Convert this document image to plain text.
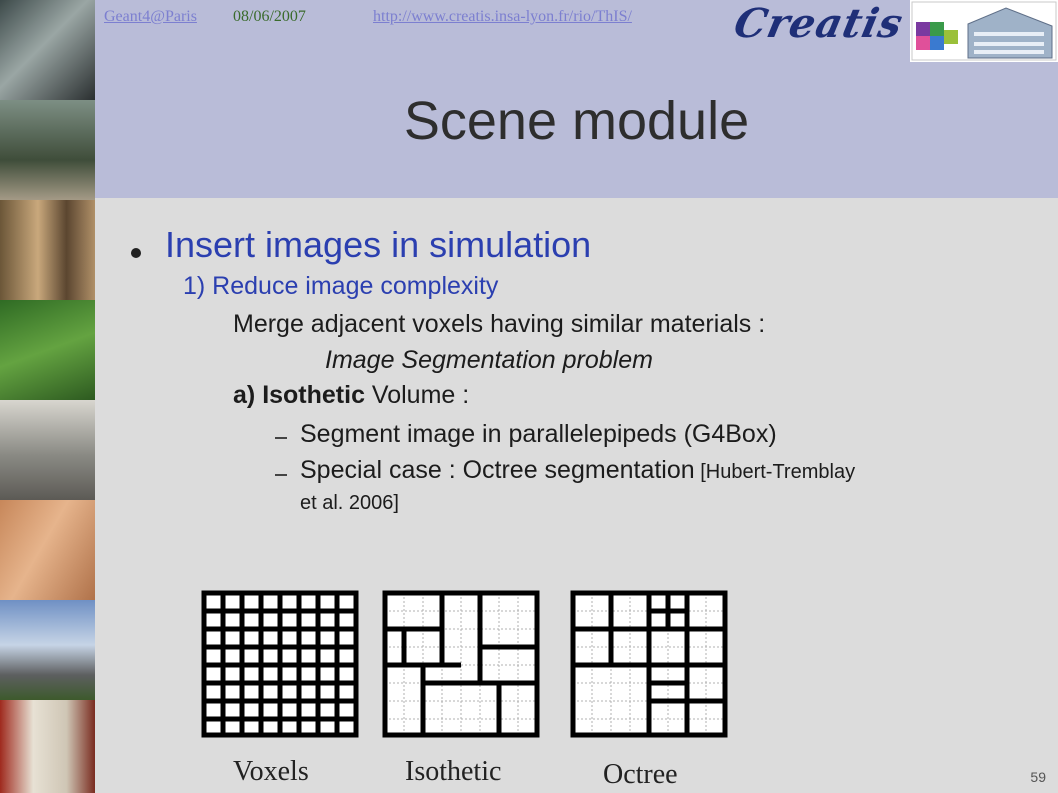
Geant4@Paris 08/06/2007	http://www.creatis.insa-lyon.fr/rio/ThIS/ Creatis
Scene module
Insert images in simulation
1) Reduce image complexity
Merge adjacent voxels having similar materials :
Image Segmentation problem
a) Isothetic Volume :
Segment image in parallelepipeds (G4Box)
Special case : Octree segmentation [Hubert-Tremblay
et al. 2006]
Voxels	Isothetic	Octree	59
